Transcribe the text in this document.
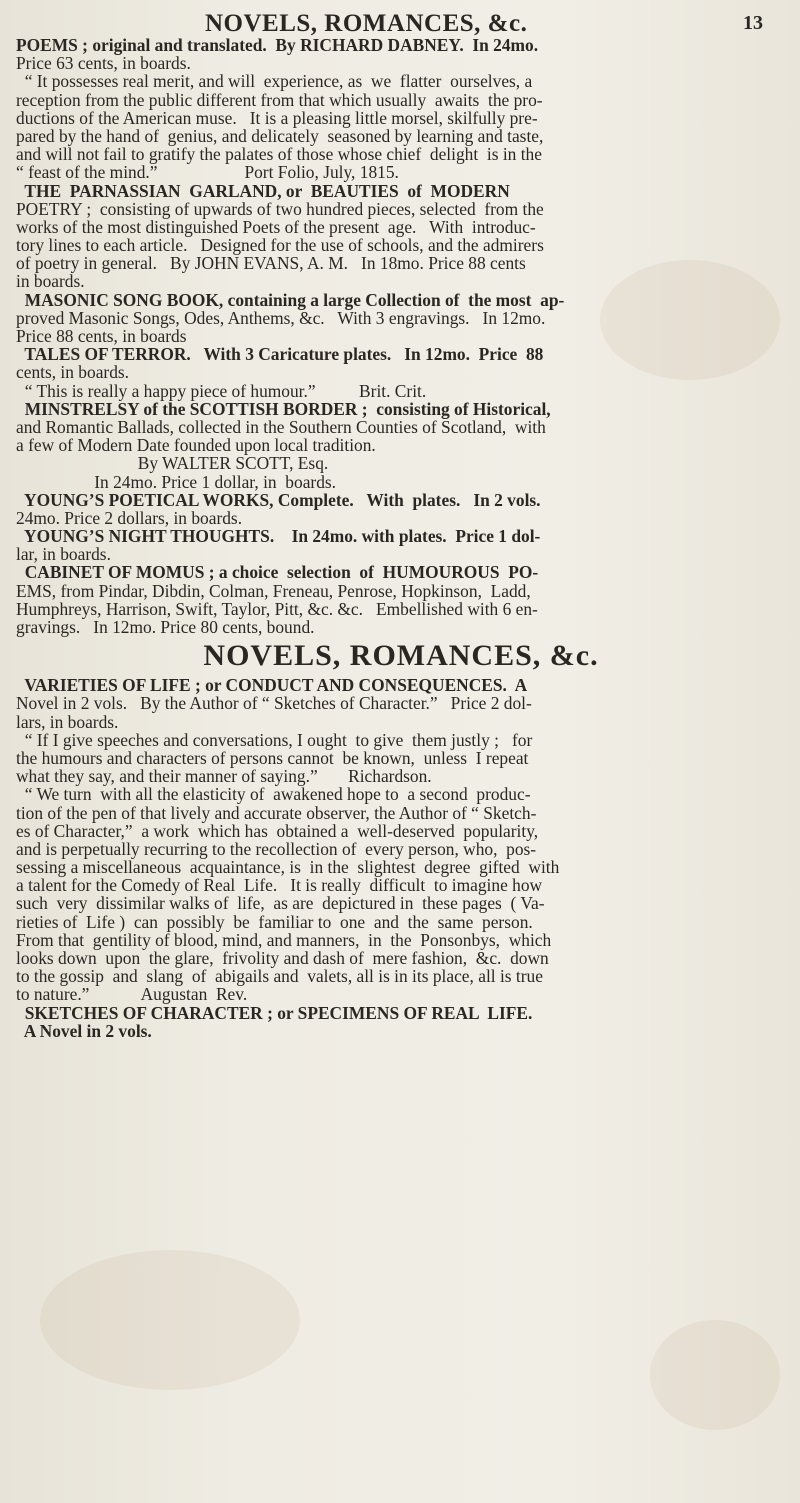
NOVELS, ROMANCES, &c.	13
POEMS ; original and translated.  By RICHARD DABNEY.  In 24mo.
Price 63 cents, in boards.
“ It possesses real merit, and will  experience, as  we  flatter  ourselves, a
reception from the public different from that which usually  awaits  the pro-
ductions of the American muse.   It is a pleasing little morsel, skilfully pre-
pared by the hand of  genius, and delicately  seasoned by learning and taste,
and will not fail to gratify the palates of those whose chief  delight  is in the
“ feast of the mind.”                    Port Folio, July, 1815.
THE  PARNASSIAN  GARLAND, or  BEAUTIES  of  MODERN
POETRY ;  consisting of upwards of two hundred pieces, selected  from the
works of the most distinguished Poets of the present  age.   With  introduc-
tory lines to each article.   Designed for the use of schools, and the admirers
of poetry in general.   By JOHN EVANS, A. M.   In 18mo. Price 88 cents
in boards.
MASONIC SONG BOOK, containing a large Collection of  the most  ap-
proved Masonic Songs, Odes, Anthems, &c.   With 3 engravings.   In 12mo.
Price 88 cents, in boards
TALES OF TERROR.   With 3 Caricature plates.   In 12mo.  Price  88
cents, in boards.
“ This is really a happy piece of humour.”          Brit. Crit.
MINSTRELSY of the SCOTTISH BORDER ;  consisting of Historical,
and Romantic Ballads, collected in the Southern Counties of Scotland,  with
a few of Modern Date founded upon local tradition.
By WALTER SCOTT, Esq.
In 24mo. Price 1 dollar, in  boards.
YOUNG’S POETICAL WORKS, Complete.   With  plates.   In 2 vols.
24mo. Price 2 dollars, in boards.
YOUNG’S NIGHT THOUGHTS.    In 24mo. with plates.  Price 1 dol-
lar, in boards.
CABINET OF MOMUS ; a choice  selection  of  HUMOUROUS  PO-
EMS, from Pindar, Dibdin, Colman, Freneau, Penrose, Hopkinson,  Ladd,
Humphreys, Harrison, Swift, Taylor, Pitt, &c. &c.   Embellished with 6 en-
gravings.   In 12mo. Price 80 cents, bound.
NOVELS, ROMANCES, &c.
VARIETIES OF LIFE ; or CONDUCT AND CONSEQUENCES.  A
Novel in 2 vols.   By the Author of “ Sketches of Character.”   Price 2 dol-
lars, in boards.
“ If I give speeches and conversations, I ought  to give  them justly ;   for
the humours and characters of persons cannot  be known,  unless  I repeat
what they say, and their manner of saying.”       Richardson.
“ We turn  with all the elasticity of  awakened hope to  a second  produc-
tion of the pen of that lively and accurate observer, the Author of “ Sketch-
es of Character,”  a work  which has  obtained a  well-deserved  popularity,
and is perpetually recurring to the recollection of  every person, who,  pos-
sessing a miscellaneous  acquaintance, is  in the  slightest  degree  gifted  with
a talent for the Comedy of Real  Life.   It is really  difficult  to imagine how
such  very  dissimilar walks of  life,  as are  depictured in  these pages  ( Va-
rieties of  Life )  can  possibly  be  familiar to  one  and  the  same  person.
From that  gentility of blood, mind, and manners,  in  the  Ponsonbys,  which
looks down  upon  the glare,  frivolity and dash of  mere fashion,  &c.  down
to the gossip  and  slang  of  abigails and  valets, all is in its place, all is true
to nature.”            Augustan  Rev.
SKETCHES OF CHARACTER ; or SPECIMENS OF REAL  LIFE.
A Novel in 2 vols.
